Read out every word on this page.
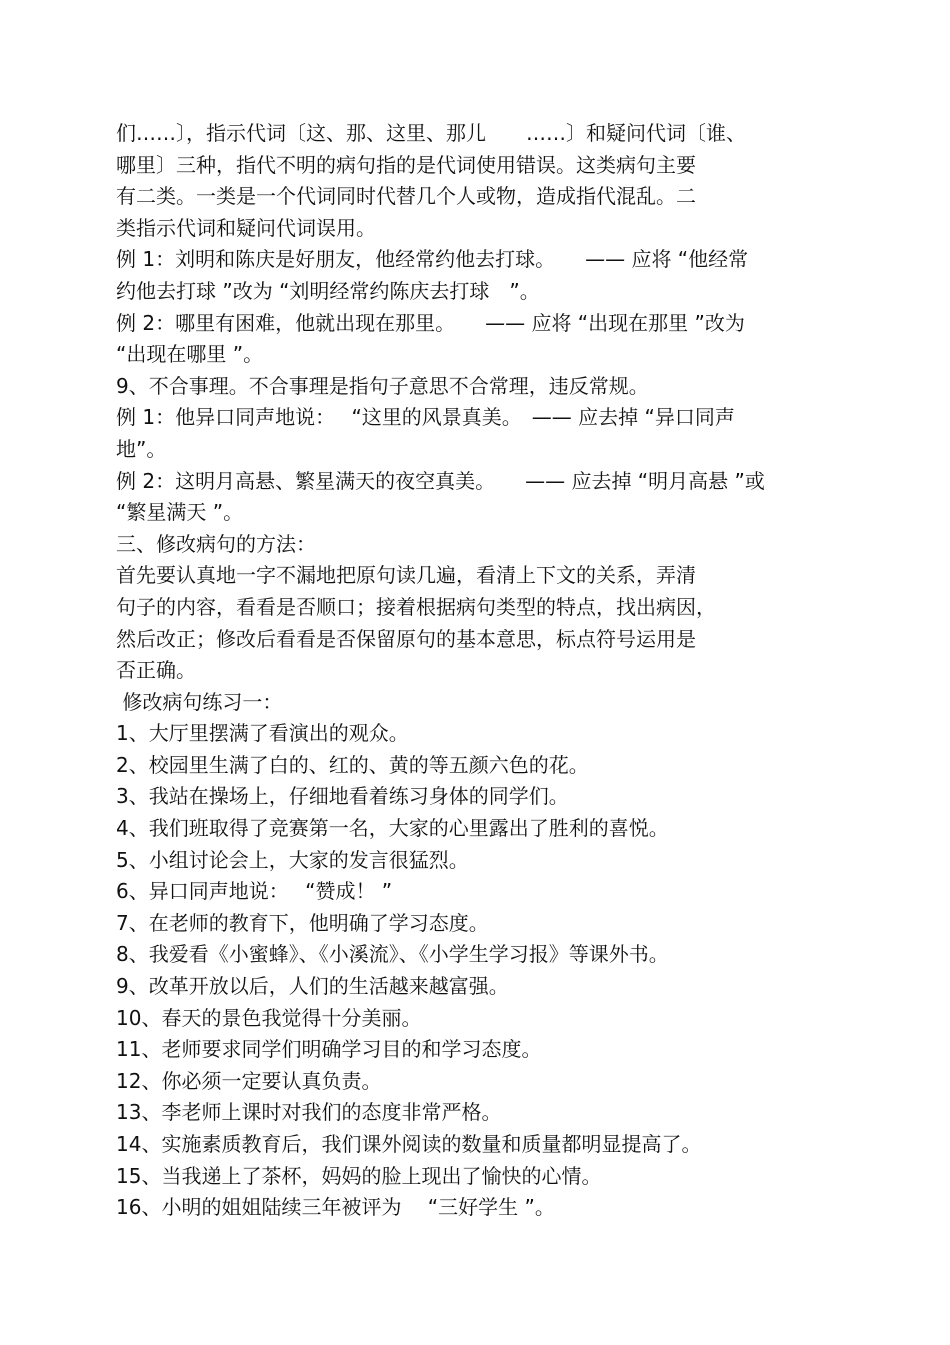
们……〕，指示代词〔这、那、这里、那儿　　……〕和疑问代词〔谁、
哪里〕三种，指代不明的病句指的是代词使用错误。这类病句主要
有二类。一类是一个代词同时代替几个人或物，造成指代混乱。二
类指示代词和疑问代词误用。
例 1：刘明和陈庆是好朋友，他经常约他去打球。　　—— 应将 “他经常
约他去打球 ”改为 “刘明经常约陈庆去打球　”。
例 2：哪里有困难，他就出现在那里。　　—— 应将 “出现在那里 ”改为
“出现在哪里 ”。
9、不合事理。不合事理是指句子意思不合常理，违反常规。
例 1：他异口同声地说：　 “这里的风景真美。　—— 应去掉 “异口同声
地”。
例 2：这明月高悬、繁星满天的夜空真美。　　—— 应去掉 “明月高悬 ”或
“繁星满天 ”。
三、修改病句的方法：
首先要认真地一字不漏地把原句读几遍，看清上下文的关系，弄清
句子的内容，看看是否顺口；接着根据病句类型的特点，找出病因，
然后改正；修改后看看是否保留原句的基本意思，标点符号运用是
否正确。
修改病句练习一：
1、大厅里摆满了看演出的观众。
2、校园里生满了白的、红的、黄的等五颜六色的花。
3、我站在操场上，仔细地看着练习身体的同学们。
4、我们班取得了竞赛第一名，大家的心里露出了胜利的喜悦。
5、小组讨论会上，大家的发言很猛烈。
6、异口同声地说：　 “赞成！ ”
7、在老师的教育下，他明确了学习态度。
8、我爱看《小蜜蜂》、《小溪流》、《小学生学习报》等课外书。
9、改革开放以后，人们的生活越来越富强。
10、春天的景色我觉得十分美丽。
11、老师要求同学们明确学习目的和学习态度。
12、你必须一定要认真负责。
13、李老师上课时对我们的态度非常严格。
14、实施素质教育后，我们课外阅读的数量和质量都明显提高了。
15、当我递上了茶杯，妈妈的脸上现出了愉快的心情。
16、小明的姐姐陆续三年被评为　 “三好学生 ”。
